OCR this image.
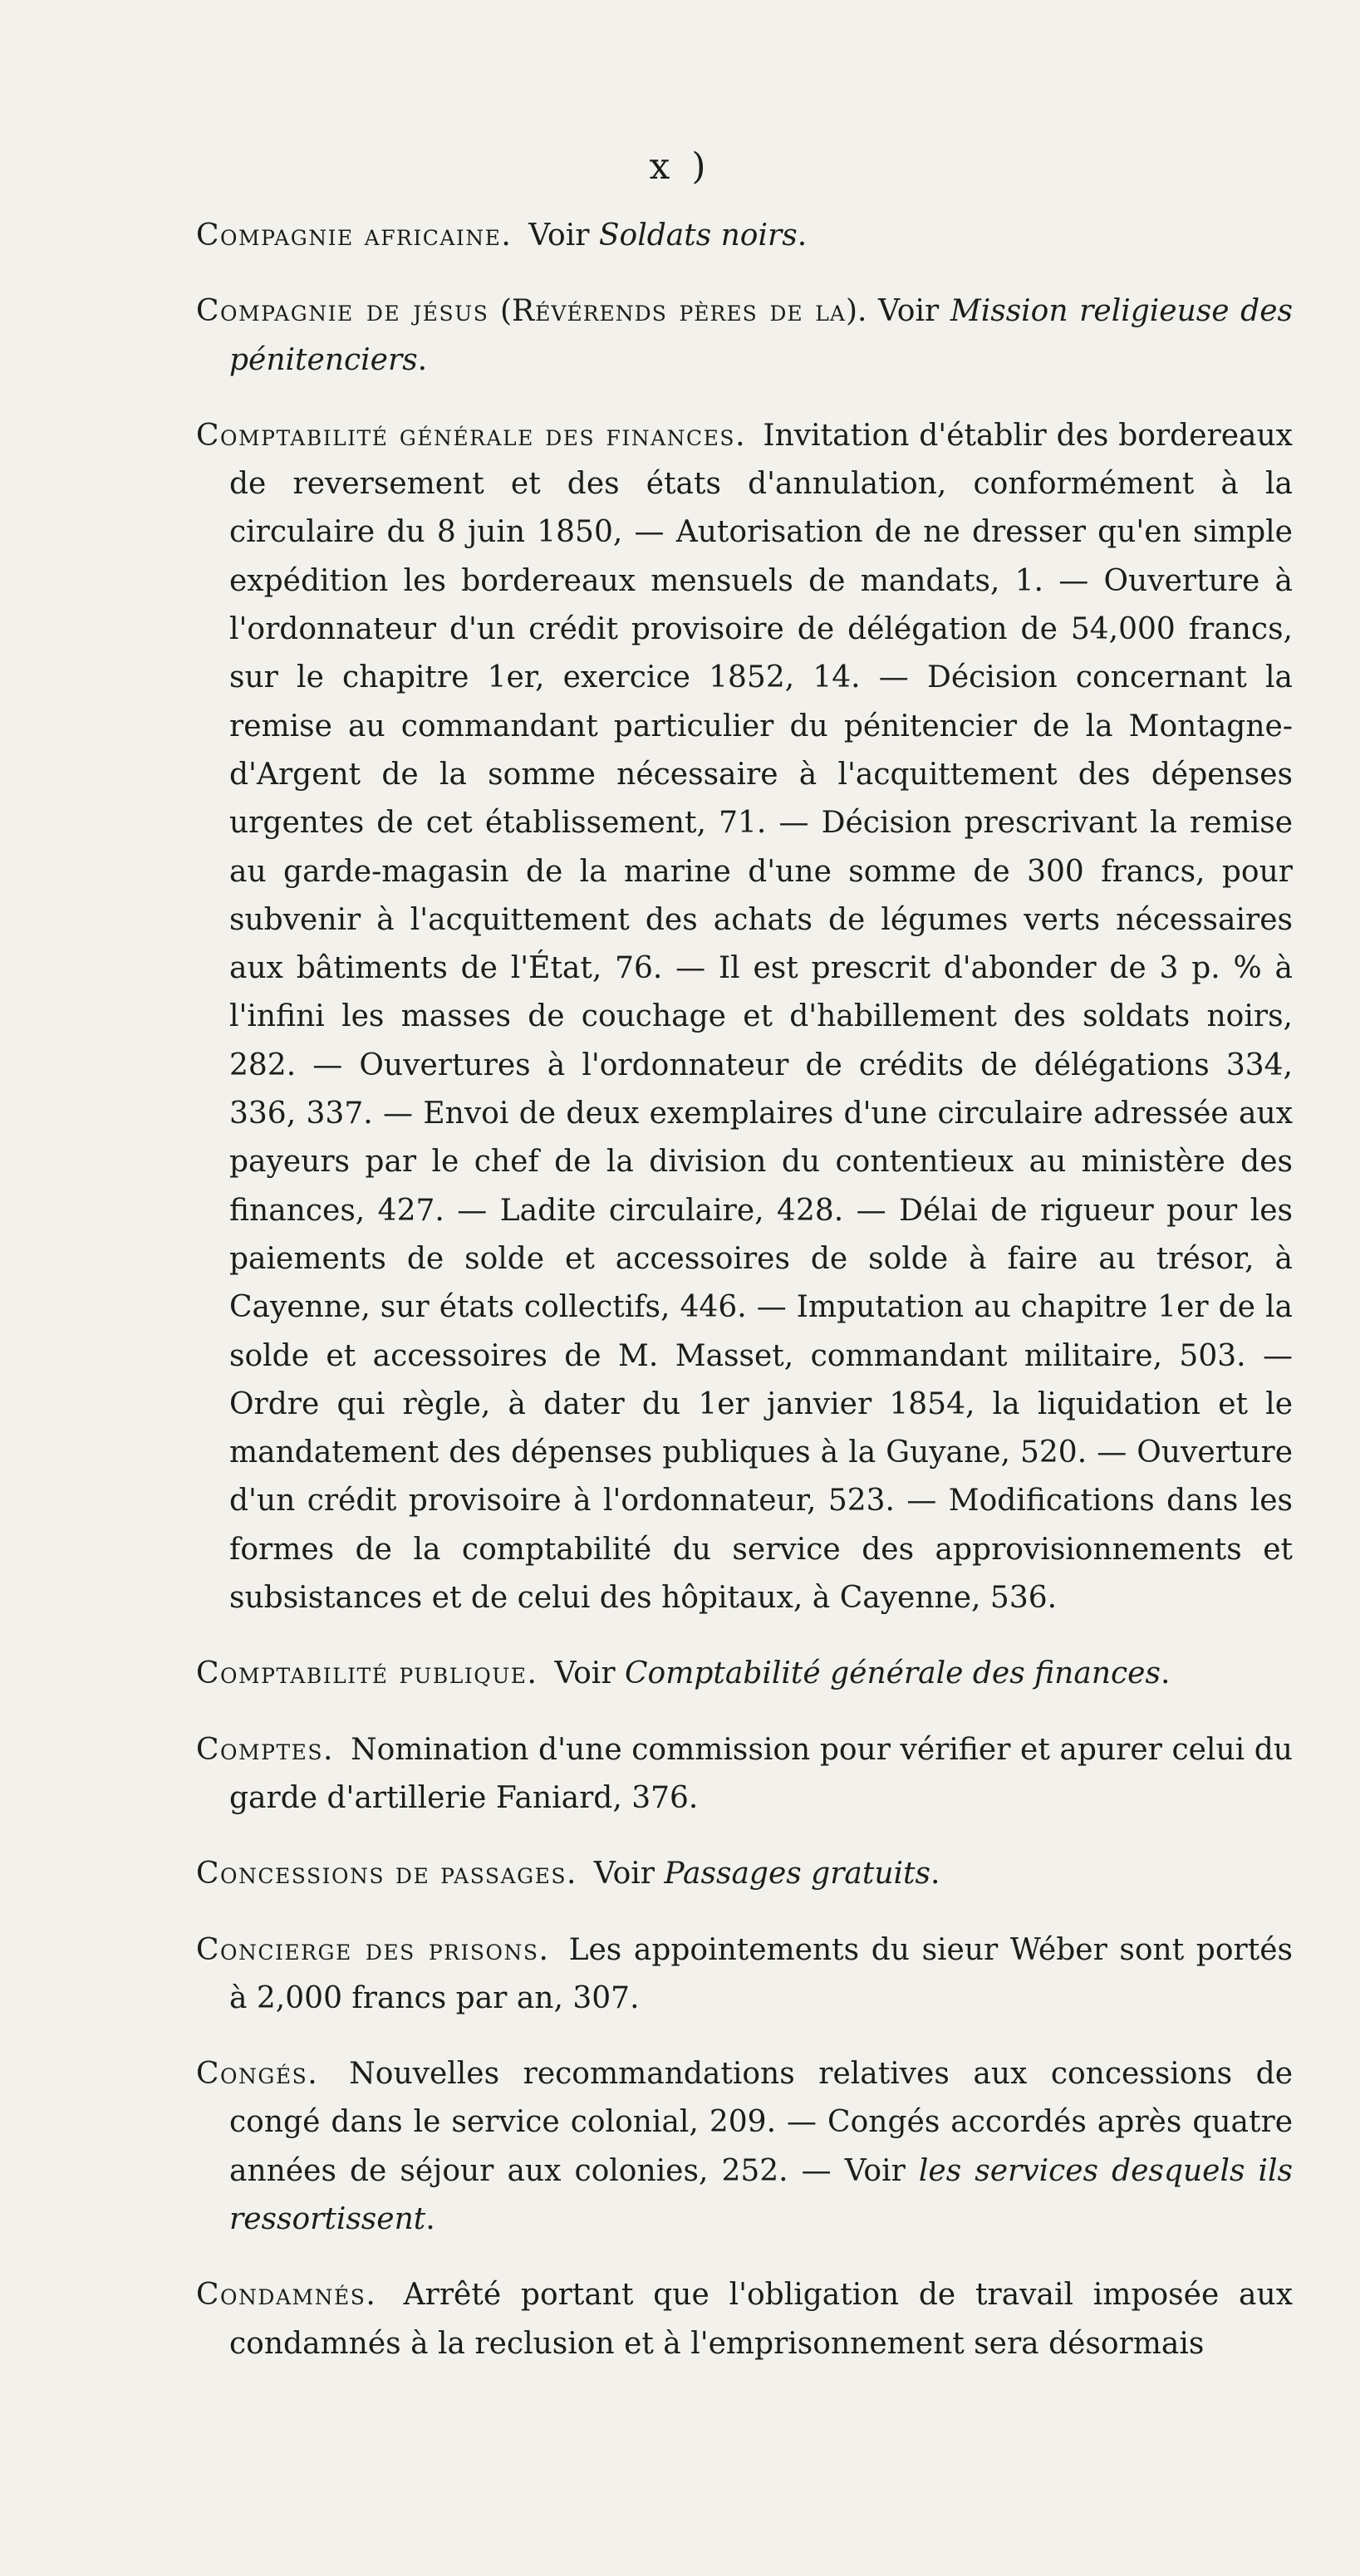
x )

Compagnie africaine. Voir Soldats noirs.

Compagnie de jésus (Révérends pères de la). Voir Mission religieuse des pénitenciers.

Comptabilité générale des finances. Invitation d'établir des bordereaux de reversement et des états d'annulation, conformément à la circulaire du 8 juin 1850, — Autorisation de ne dresser qu'en simple expédition les bordereaux mensuels de mandats, 1. — Ouverture à l'ordonnateur d'un crédit provisoire de délégation de 54,000 francs, sur le chapitre 1er, exercice 1852, 14. — Décision concernant la remise au commandant particulier du pénitencier de la Montagne-d'Argent de la somme nécessaire à l'acquittement des dépenses urgentes de cet établissement, 71. — Décision prescrivant la remise au garde-magasin de la marine d'une somme de 300 francs, pour subvenir à l'acquittement des achats de légumes verts nécessaires aux bâtiments de l'État, 76. — Il est prescrit d'abonder de 3 p. % à l'infini les masses de couchage et d'habillement des soldats noirs, 282. — Ouvertures à l'ordonnateur de crédits de délégations 334, 336, 337. — Envoi de deux exemplaires d'une circulaire adressée aux payeurs par le chef de la division du contentieux au ministère des finances, 427. — Ladite circulaire, 428. — Délai de rigueur pour les paiements de solde et accessoires de solde à faire au trésor, à Cayenne, sur états collectifs, 446. — Imputation au chapitre 1er de la solde et accessoires de M. Masset, commandant militaire, 503. — Ordre qui règle, à dater du 1er janvier 1854, la liquidation et le mandatement des dépenses publiques à la Guyane, 520. — Ouverture d'un crédit provisoire à l'ordonnateur, 523. — Modifications dans les formes de la comptabilité du service des approvisionnements et subsistances et de celui des hôpitaux, à Cayenne, 536.

Comptabilité publique. Voir Comptabilité générale des finances.

Comptes. Nomination d'une commission pour vérifier et apurer celui du garde d'artillerie Faniard, 376.

Concessions de passages. Voir Passages gratuits.

Concierge des prisons. Les appointements du sieur Wéber sont portés à 2,000 francs par an, 307.

Congés. Nouvelles recommandations relatives aux concessions de congé dans le service colonial, 209. — Congés accordés après quatre années de séjour aux colonies, 252. — Voir les services desquels ils ressortissent.

Condamnés. Arrêté portant que l'obligation de travail imposée aux condamnés à la reclusion et à l'emprisonnement sera désormais
